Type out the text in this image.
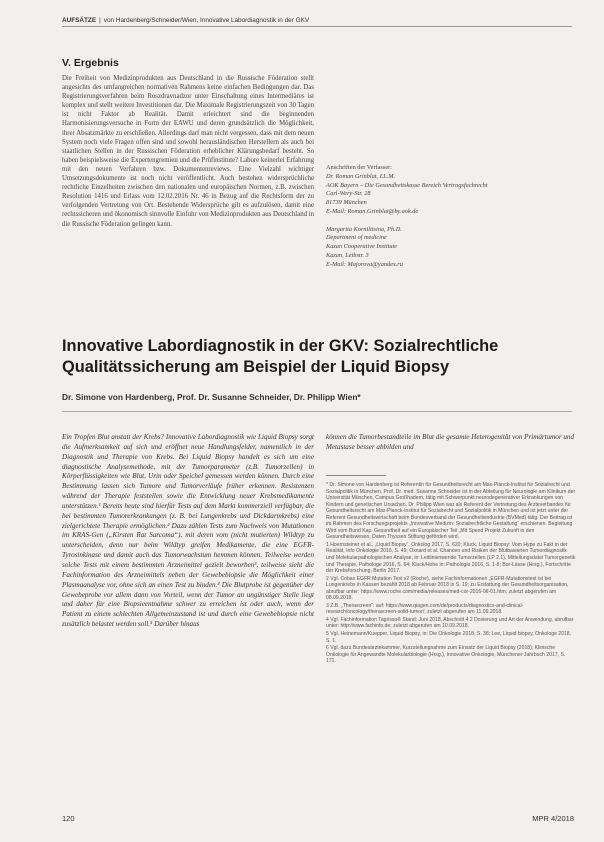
AUFSÄTZE | von Hardenberg/Schneider/Wien, Innovative Labordiagnostik in der GKV
V. Ergebnis

Die Freiheit von Medizinprodukten aus Deutschland in die Russische Föderation stellt angesichts des umfangreichen normativen Rahmens keine einfachen Bedingungen dar. Das Registrierungsverfahren beim Roszdravnadzor unter Einschaltung eines Intermediäres ist komplex und stellt weitere Investitionen dar. Die Maximale Registrierungszeit von 30 Tagen ist nicht Faktor ab Realität. Damit erleichtert sind die beginnenden Harmonisierungsversuche in Form der EAWU und deren grundsätzlich die Möglichkeit, ihrer Absatzmärkte zu erschließen. Allerdings darf man nicht vergessen, dass mit dem neuen System noch viele Fragen offen sind und sowohl herausländischen Herstellern als auch bei staatlichen Stellen in der Russischen Föderation erheblicher Klärungsbedarf besteht. So haben beispielsweise die Expertengremien und die Prüfinstitute? Labore keinerlei Erfahrung mit den neuen Verfahren bzw. Dokumentenreviews. Eine Vielzahl wichtiger Umsetzungsdokumente ist noch nicht veröffentlicht. Auch bestehen widersprüchliche rechtliche Einzelheiten zwischen den nationalen und europäischen Normen, z.B. zwischen Resolution 1416 und Erlass vom 12.02.2016 Nr. 46 in Bezug auf die Rechtsform der zu verfolgenden Vertretung von Ort. Bestehende Widersprüche gilt es aufzulösen, damit eine rechtssicheren und ökonomisch sinnvolle Einfuhr von Medizinprodukten aus Deutschland in die Russische Föderation gelingen kann.

Anschriften der Verfasser:
Dr. Roman Grinblat, LL.M.
AOK Bayern – Die Gesundheitskasse Bereich Vertragsfachrecht
Carl-Wery-Str. 28
81739 München
E-Mail: Roman.Grinblat@by.aok.de

Margarita Kornilitsina, Ph.D.
Department of medicine
Kazan Cooperative Institute
Kazan, Leibstr. 3
E-Mail: Majorova@yandex.ru
Innovative Labordiagnostik in der GKV: Sozialrechtliche
Qualitätssicherung am Beispiel der Liquid Biopsy
Dr. Simone von Hardenberg, Prof. Dr. Susanne Schneider, Dr. Philipp Wien*
Ein Tropfen Blut anstatt der Krebs? Innovative Labordiagnostik wie Liquid Biopsy sorgt die Aufmerksamkeit auf sich und eröffnet neue Handlungsfelder, namentlich in der Diagnostik und Therapie von Krebs. Bei Liquid Biopsy handelt es sich um eine diagnostische Analysemethode, mit der Tumorparameter (z.B. Tumorzellen) in Körperflüssigkeiten wie Blut, Urin oder Speichel gemessen werden können. Durch eine Bestimmung lassen sich Tumore und Tumorverläufe früher erkennen. Resistenzen während der Therapie feststellen sowie die Entwicklung neuer Krebsmedikamente unterstützen.¹ Bereits heute sind hierfür Tests auf dem Markt kommerziell verfügbar, die bei bestimmten Tumorerkrankungen (z. B. bei Lungenkrebs und Dickdarmkrebs) eine zielgerichtete Therapie ermöglichen.² Dazu zählen Tests zum Nachweis von Mutationen im KRAS-Gen („Kirsten Rat Sarcoma“), mit deren vom (nicht mutierten) Wildtyp zu unterscheiden, denn nur beim Wildtyp greifen Medikamente, die eine EGFR-Tyrosinkinase und damit auch das Tumorwachstum hemmen können. Teilweise werden solche Tests mit einem bestimmten Arzneimittel gezielt beworben³, teilweise sieht die Fachinformation des Arzneimittels neben der Gewebebiopsie die Möglichkeit einer Plasmaanalyse vor, ohne sich an einen Test zu binden.⁴ Die Blutprobe ist gegenüber der Gewebeprobe vor allem dann von Vorteil, wenn der Tumor an ungünstiger Stelle liegt und daher für eine Biopsieentnahme schwer zu erreichen ist oder auch, wenn der Patient zu einem schlechten Allgemeinzustand ist und durch eine Gewebebiopsie nicht zusätzlich belastet werden soll.⁵ Darüber hinaus
können die Tumorbestandteile im Blut die gesamte Heterogenität von Primärtumor und Metastase besser abbilden und
* Dr. Simone von Hardenberg ist Referentin für Gesundheitsrecht am Max-Planck-Institut für Sozialrecht und Sozialpolitik in München. Prof. Dr. med. Susanne Schneider ist in der Abteilung für Neurologie am Klinikum der Universität München, Campus Großhadern, tätig mit Schwerpunkt neurodegenerativer Erkrankungen von Kindern und genetischen Ursachen. Dr. Philipp Wien war als Referent der Vertretung des Ärzteverbandes für Gesundheitsrecht am Max-Planck-Institut für Sozialrecht und Sozialpolitik in München und ist jetzt unter der Referent Gesundheitswirtschaft beim Bundesverband der Gesundheitsindustrie (BVMed) tätig. Der Beitrag ist im Rahmen des Forschungsprojekts „Innovative Medizin: Sozialrechtliche Gestaltung“ erschienen. Begleitung Wird vom Bund Kap. Gesundheit auf ein Europäischer Teil „Mit Spend Projekt Zukunft in den Gesundheitswesen, Daten Thyssen Stiftung gefördert wird.
1 Hoernsteiner et al., „Liquid Biopsy“, Onkolog 2017, S. 620; Kluck, Liquid Biopsy: Vom Hype zu Fakt in der Realität, Info Onkologie 2016, S. 49; Oxnard et al. Chancen und Risiken der Blutbasierten Tumordiagnostik und Molekularpathologischen Analyse, in: Leitlinienwende Tumorzellen (LP 2.1), Mitteilungsdatei Tumorgenetik und Therapie, Pathologe 2016, S. 64; Kluck/Hohe in: Pathologie 2016, S. 1-8; Bor-Lässe (Hrsg.), Fortschritte der Krebsforschung, Berlin 2017.
2 Vgl. Cobas EGFR Mutation Test v2 (Roche), siehe Fachinformationen „EGFR-Mutationstest ist bei Lungenkrebs in Kassen bezahlt 2018 ab Februar 2018 in S. 19; zu Erstattung der Gesundheitsorganisation, abrufbar unter: https://www.roche.com/media/releases/med-cor-2016-06-01.htm; zuletzt abgerufen am 08.09.2018.
3 Z.B. „Therascreen“: auf: https://www.qiagen.com/de/products/diagnostics-and-clinical-research/oncology/therascreen-solid-tumor/; zuletzt abgerufen am 11.09.2018.
4 Vgl. Fachinformation Tagrisso® Stand: Juni 2018, Abschnitt 4.2 Dosierung und Art der Anwendung, abrufbar unter: http://www.fachinfo.de; zuletzt abgerufen am 10.09.2018.
5 Vgl. Heinemann/Kuepper, Liquid Biopsy, in: Die Onkologie 2018, S. 38; Lee, Liquid biopsy, Onkologe 2018, S. 1.
6 Vgl. dazu Bundesärztekammer, Kurzstellungnahme zum Einsatz der Liquid Biopsy (2018); Klinische Onkologie für Angewandte Molekularbiologie (Hrsg.), Innovative Onkologie, Münchener Jahrbuch 2017, S. 171.
120	MPR 4/2018
